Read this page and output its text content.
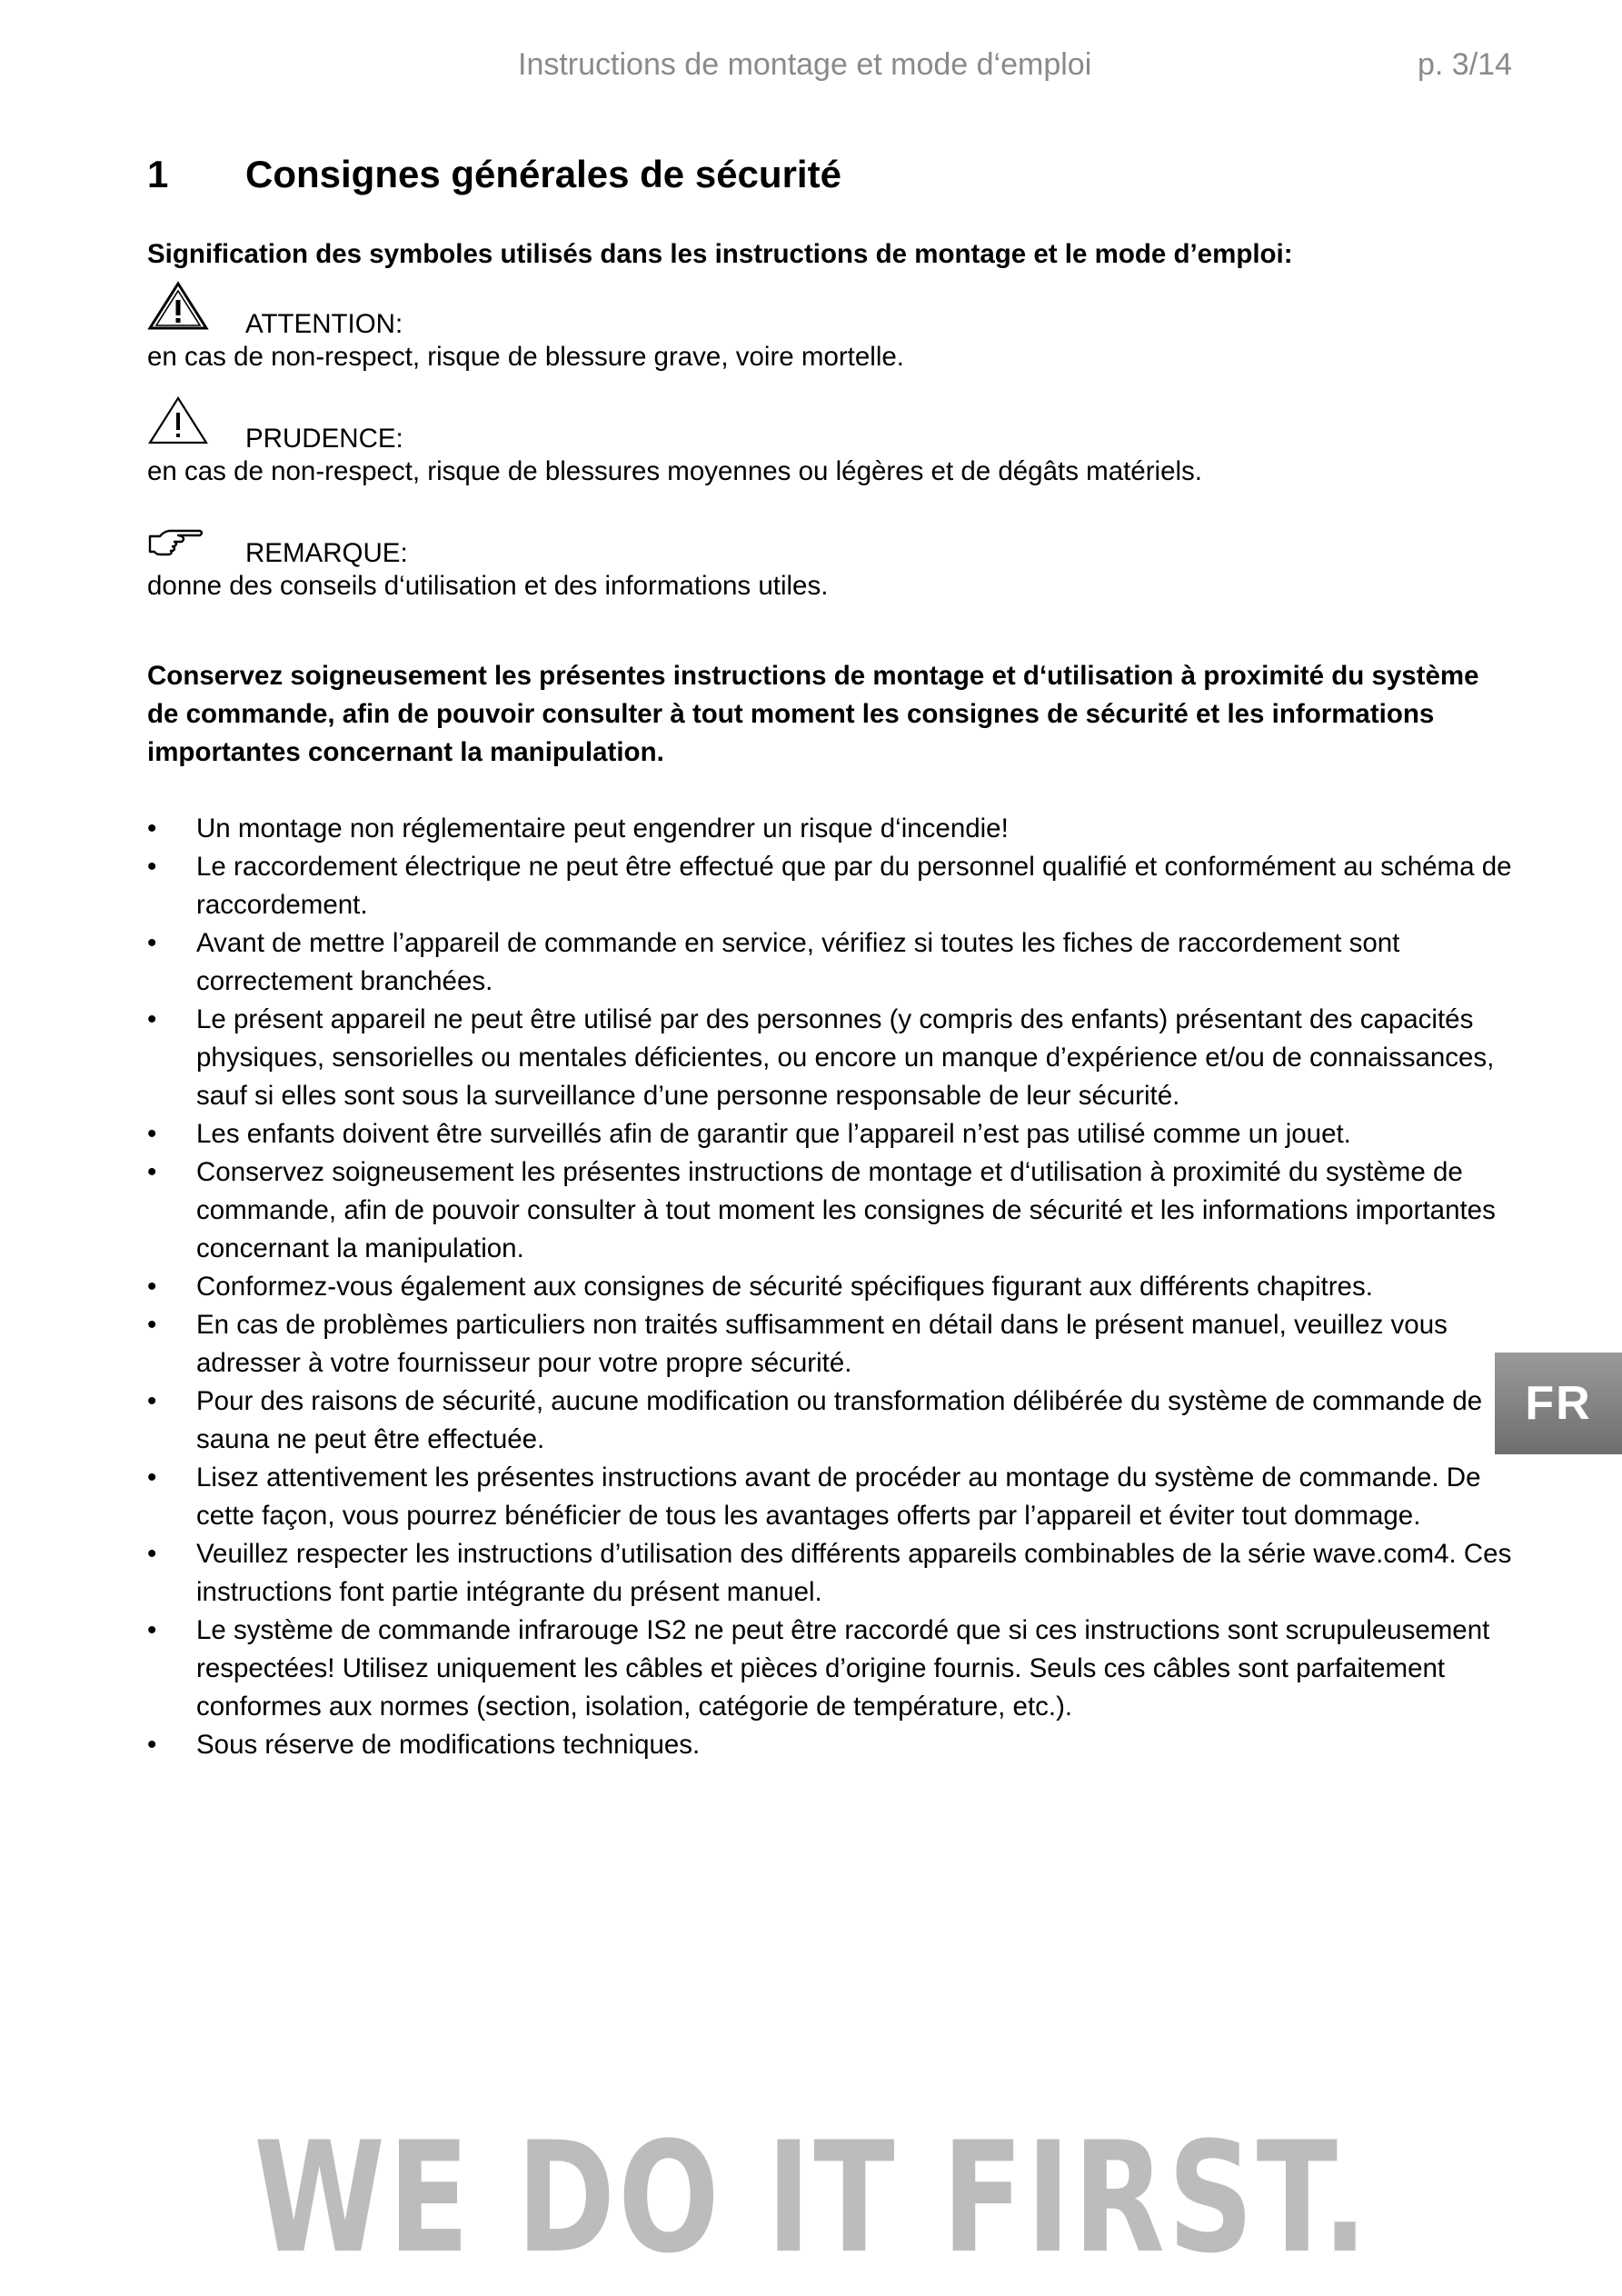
Instructions de montage et mode d‘emploi	p. 3/14
1 Consignes générales de sécurité
Signification des symboles utilisés dans les instructions de montage et le mode d’emploi:
ATTENTION:
en cas de non-respect, risque de blessure grave, voire mortelle.
PRUDENCE:
en cas de non-respect, risque de blessures moyennes ou légères et de dégâts matériels.
REMARQUE:
donne des conseils d‘utilisation et des informations utiles.
Conservez soigneusement les présentes instructions de montage et d‘utilisation à proximité du système de commande, afin de pouvoir consulter à tout moment les consignes de sécurité et les informations importantes concernant la manipulation.
• Un montage non réglementaire peut engendrer un risque d‘incendie!
• Le raccordement électrique ne peut être effectué que par du personnel qualifié et conformément au schéma de raccordement.
• Avant de mettre l’appareil de commande en service, vérifiez si toutes les fiches de raccordement sont correctement branchées.
• Le présent appareil ne peut être utilisé par des personnes (y compris des enfants) présentant des capacités physiques, sensorielles ou mentales déficientes, ou encore un manque d’expérience et/ou de connaissances, sauf si elles sont sous la surveillance d’une personne responsable de leur sécurité.
• Les enfants doivent être surveillés afin de garantir que l’appareil n’est pas utilisé comme un jouet.
• Conservez soigneusement les présentes instructions de montage et d‘utilisation à proximité du système de commande, afin de pouvoir consulter à tout moment les consignes de sécurité et les informations importantes concernant la manipulation.
• Conformez-vous également aux consignes de sécurité spécifiques figurant aux différents chapitres.
• En cas de problèmes particuliers non traités suffisamment en détail dans le présent manuel, veuillez vous adresser à votre fournisseur pour votre propre sécurité.
• Pour des raisons de sécurité, aucune modification ou transformation délibérée du système de commande de sauna ne peut être effectuée.
• Lisez attentivement les présentes instructions avant de procéder au montage du système de commande. De cette façon, vous pourrez bénéficier de tous les avantages offerts par l’appareil et éviter tout dommage.
• Veuillez respecter les instructions d’utilisation des différents appareils combinables de la série wave.com4. Ces instructions font partie intégrante du présent manuel.
• Le système de commande infrarouge IS2 ne peut être raccordé que si ces instructions sont scrupuleusement respectées! Utilisez uniquement les câbles et pièces d’origine fournis. Seuls ces câbles sont parfaitement conformes aux normes (section, isolation, catégorie de température, etc.).
• Sous réserve de modifications techniques.
FR
WE DO IT FIRST.
